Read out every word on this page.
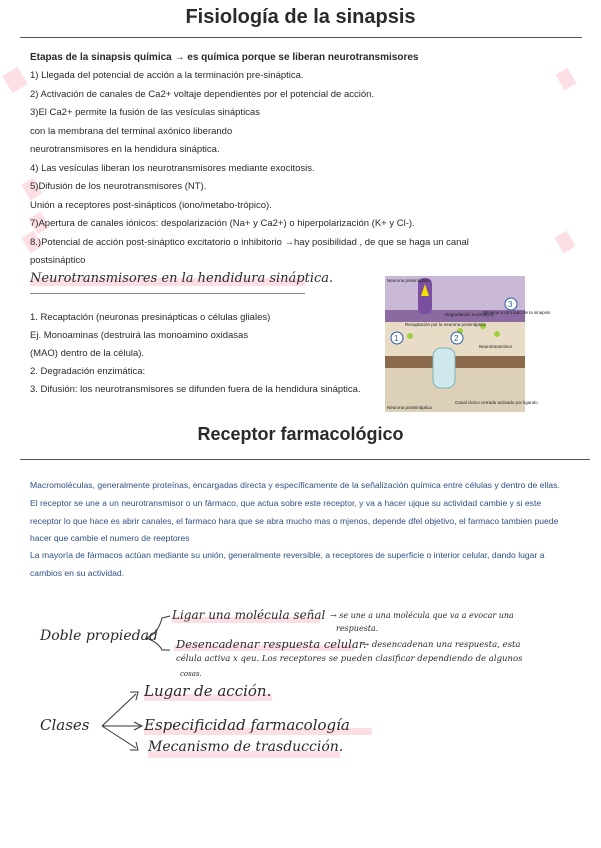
Fisiología de la sinapsis
Etapas de la sinapsis química → es química porque se liberan neurotransmisores
1) Llegada del potencial de acción a la terminación pre-sináptica.
2) Activación de canales de Ca2+ voltaje dependientes por el potencial de acción.
3)El Ca2+ permite la fusión de las vesículas sinápticas
con la membrana del terminal axónico liberando
neurotransmisores en la hendidura sináptica.
4) Las vesículas liberan los neurotransmisores mediante exocitosis.
5)Difusión de los neurotransmisores (NT).
Unión a receptores post-sinápticos (iono/metabo-trópico).
7)Apertura de canales iónicos: despolarización (Na+ y Ca2+) o hiperpolarización (K+ y Cl-).
8.)Potencial de acción post-sináptico excitatorio o inhibitorio →hay posibilidad , de que se haga un canal
postsináptico
Neurotransmisores en la hendidura sináptica.
1. Recaptación (neuronas presinápticas o células gliales)
Ej. Monoaminas (destruirá las monoamino oxidasas
(MAO) dentro de la célula).
2. Degradación enzimática:
3. Difusión: los neurotransmisores se difunden fuera de la hendidura sináptica.
1	2
3
Neurona presináptica
Recaptación por la neurona presináptica
Degradación enzimática
Difusión a otro lado de la sinapsis
Neurotransmisor
Neurona postsináptica
Canal iónico cerrado activado por ligando
Receptor farmacológico
Macromoléculas, generalmente proteínas, encargadas directa y específicamente de la señalización química entre células y dentro de ellas.
El receptor se une a un neurotransmisor o un fármaco, que actua sobre este receptor, y va a hacer ujque su actividad cambie y si este
receptor lo que hace es abrir canales, el farmaco hara que se abra mucho mas o mjenos, depende dfel objetivo, el farmaco tambien puede
hacer que cambie el numero de reeptores
La mayoría de fármacos actúan mediante su unión, generalmente reversible, a receptores de superficie o interior celular, dando lugar a
cambios en su actividad.
Doble propiedad
Ligar una molécula señal → se une a una molécula que va a evocar una
respuesta.
Desencadenar respuesta celular.
→ desencadenan una respuesta, esta
célula activa x qeu. Los receptores se pueden clasificar dependiendo de algunos
cosas.
Clases
Lugar de acción.
Especificidad farmacología
Mecanismo de trasducción.
